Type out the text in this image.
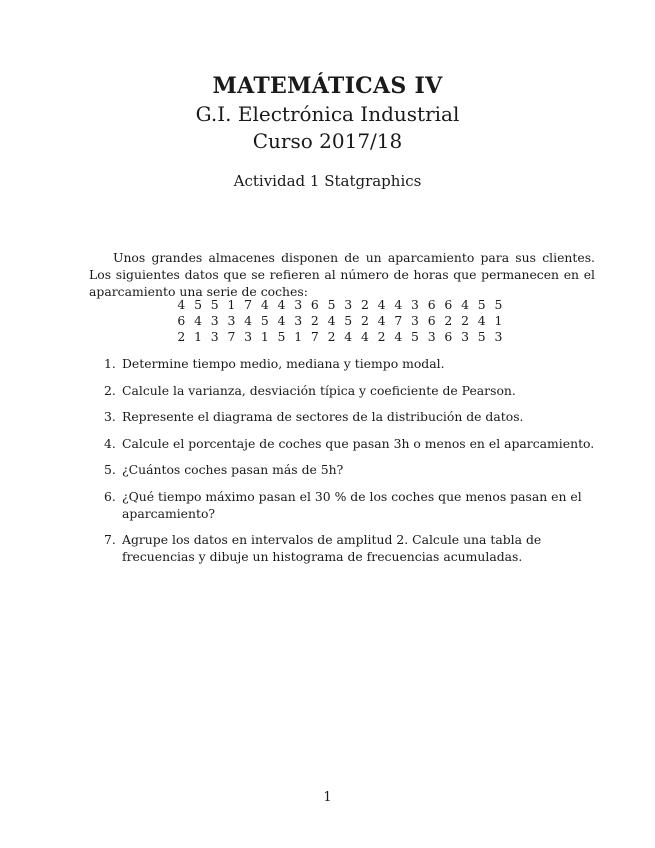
MATEMÁTICAS IV
G.I. Electrónica Industrial
Curso 2017/18
Actividad 1 Statgraphics

Unos grandes almacenes disponen de un aparcamiento para sus clientes. Los siguientes datos que se refieren al número de horas que permanecen en el aparcamiento una serie de coches:

4	5	5	1	7	4	4	3	6	5	3	2	4	4	3	6	6	4	5	5
6	4	3	3	4	5	4	3	2	4	5	2	4	7	3	6	2	2	4	1
2	1	3	7	3	1	5	1	7	2	4	4	2	4	5	3	6	3	5	3
1. Determine tiempo medio, mediana y tiempo modal.
2. Calcule la varianza, desviación típica y coeficiente de Pearson.
3. Represente el diagrama de sectores de la distribución de datos.
4. Calcule el porcentaje de coches que pasan 3h o menos en el aparcamiento.
5. ¿Cuántos coches pasan más de 5h?
6. ¿Qué tiempo máximo pasan el 30 % de los coches que menos pasan en el aparcamiento?
7. Agrupe los datos en intervalos de amplitud 2. Calcule una tabla de frecuencias y dibuje un histograma de frecuencias acumuladas.
1
